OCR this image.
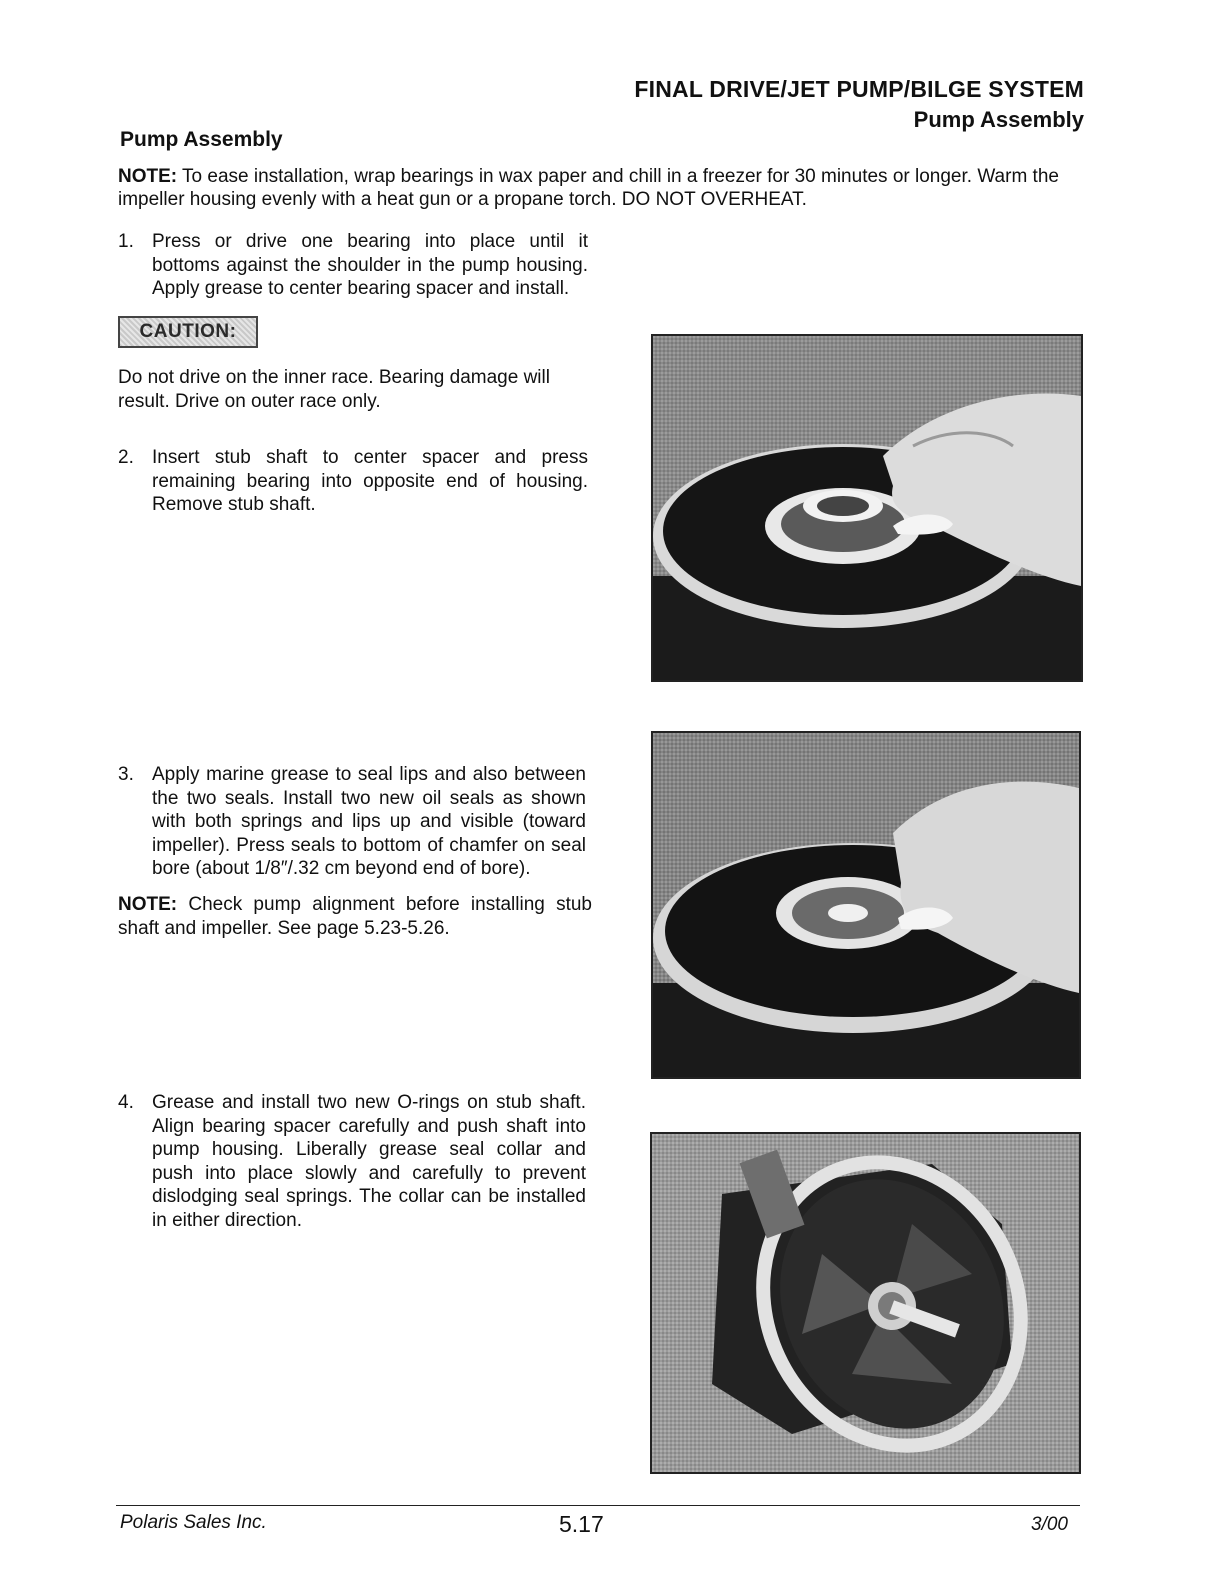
FINAL DRIVE/JET PUMP/BILGE SYSTEM
Pump Assembly
Pump Assembly
NOTE: To ease installation, wrap bearings in wax paper and chill in a freezer for 30 minutes or longer. Warm the impeller housing evenly with a heat gun or a propane torch. DO NOT OVERHEAT.
1. Press or drive one bearing into place until it bottoms against the shoulder in the pump housing. Apply grease to center bearing spacer and install.
CAUTION:
Do not drive on the inner race. Bearing damage will result. Drive on outer race only.
2. Insert stub shaft to center spacer and press remaining bearing into opposite end of housing. Remove stub shaft.
3. Apply marine grease to seal lips and also between the two seals. Install two new oil seals as shown with both springs and lips up and visible (toward impeller). Press seals to bottom of chamfer on seal bore (about 1/8″/.32 cm beyond end of bore).
NOTE: Check pump alignment before installing stub shaft and impeller. See page 5.23-5.26.
4. Grease and install two new O-rings on stub shaft. Align bearing spacer carefully and push shaft into pump housing. Liberally grease seal collar and push into place slowly and carefully to prevent dislodging seal springs. The collar can be installed in either direction.
Polaris Sales Inc.	5.17	3/00
